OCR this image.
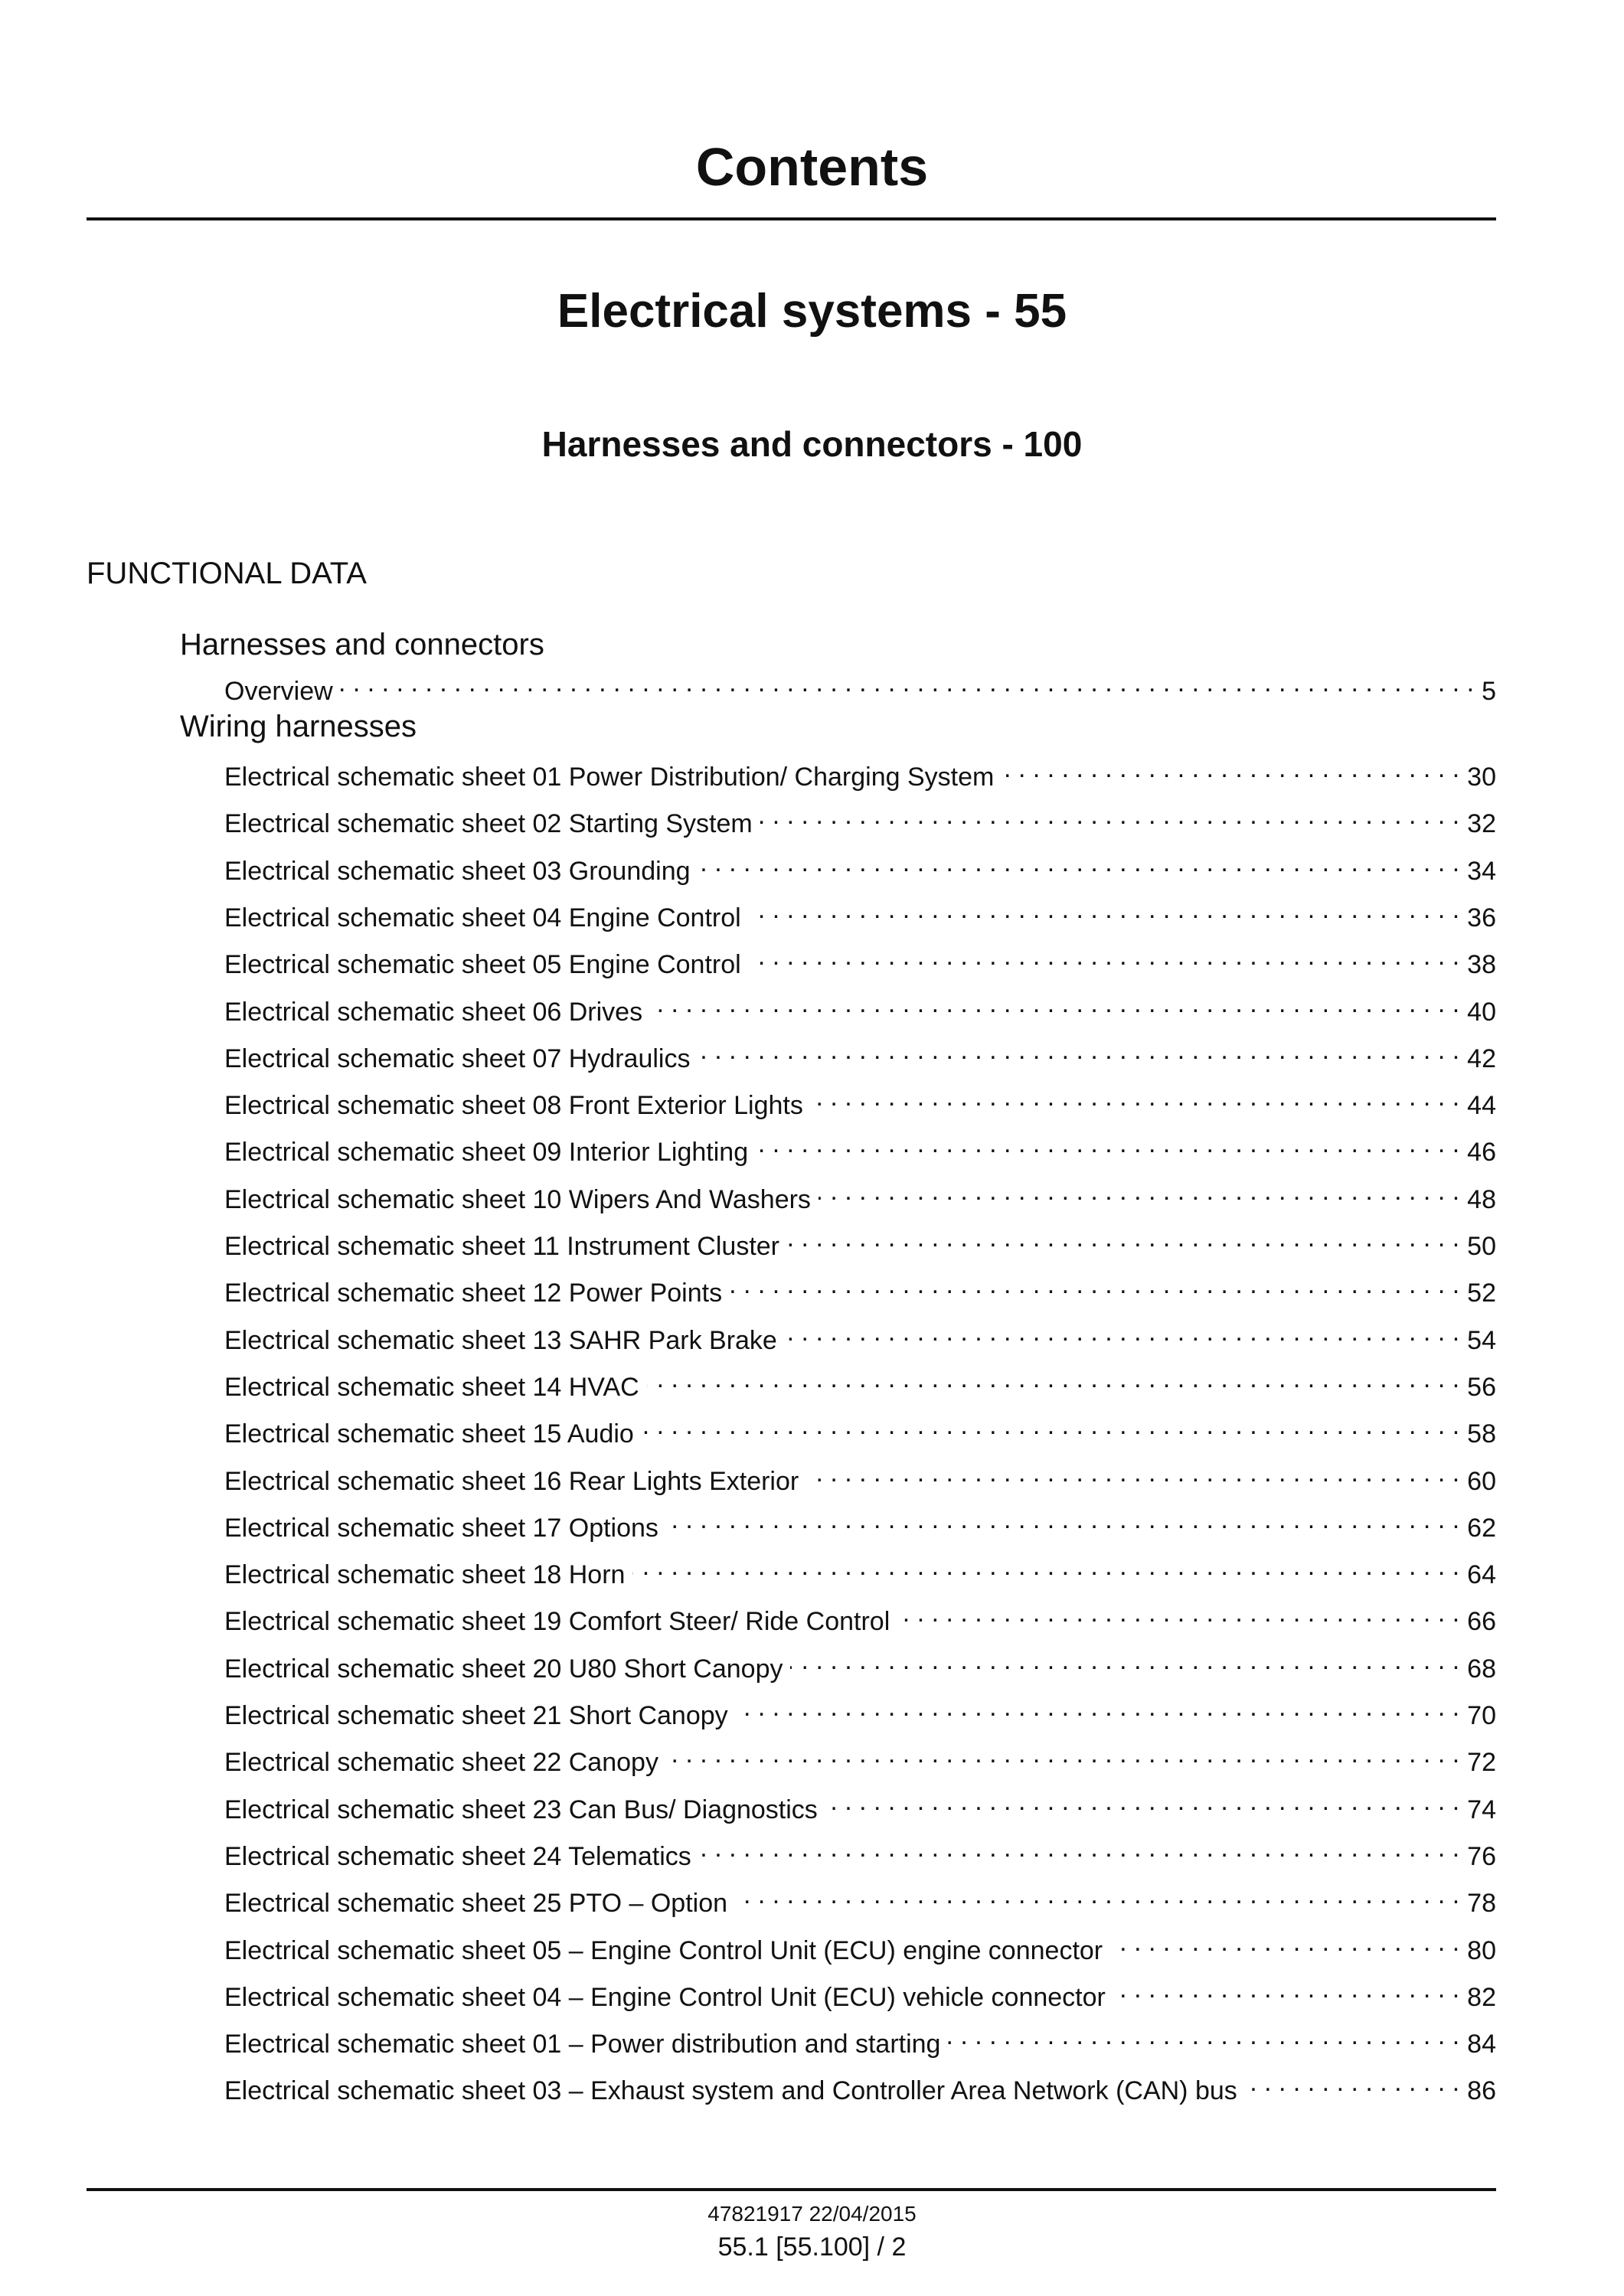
Contents
Electrical systems - 55
Harnesses and connectors - 100
FUNCTIONAL DATA
Harnesses and connectors
Wiring harnesses
Overview . . .	5
Electrical schematic sheet 01 Power Distribution/ Charging System . . .	30
Electrical schematic sheet 02 Starting System . . .	32
Electrical schematic sheet 03 Grounding . . .	34
Electrical schematic sheet 04 Engine Control . . .	36
Electrical schematic sheet 05 Engine Control . . .	38
Electrical schematic sheet 06 Drives . . .	40
Electrical schematic sheet 07 Hydraulics . . .	42
Electrical schematic sheet 08 Front Exterior Lights . . .	44
Electrical schematic sheet 09 Interior Lighting . . .	46
Electrical schematic sheet 10 Wipers And Washers . . .	48
Electrical schematic sheet 11 Instrument Cluster . . .	50
Electrical schematic sheet 12 Power Points . . .	52
Electrical schematic sheet 13 SAHR Park Brake . . .	54
Electrical schematic sheet 14 HVAC . . .	56
Electrical schematic sheet 15 Audio . . .	58
Electrical schematic sheet 16 Rear Lights Exterior . . .	60
Electrical schematic sheet 17 Options . . .	62
Electrical schematic sheet 18 Horn . . .	64
Electrical schematic sheet 19 Comfort Steer/ Ride Control . . .	66
Electrical schematic sheet 20 U80 Short Canopy . . .	68
Electrical schematic sheet 21 Short Canopy . . .	70
Electrical schematic sheet 22 Canopy . . .	72
Electrical schematic sheet 23 Can Bus/ Diagnostics . . .	74
Electrical schematic sheet 24 Telematics . . .	76
Electrical schematic sheet 25 PTO – Option . . .	78
Electrical schematic sheet 05 – Engine Control Unit (ECU) engine connector . . .	80
Electrical schematic sheet 04 – Engine Control Unit (ECU) vehicle connector . . .	82
Electrical schematic sheet 01 – Power distribution and starting . . .	84
Electrical schematic sheet 03 – Exhaust system and Controller Area Network (CAN) bus . . .	86
47821917 22/04/2015
55.1 [55.100] / 2
